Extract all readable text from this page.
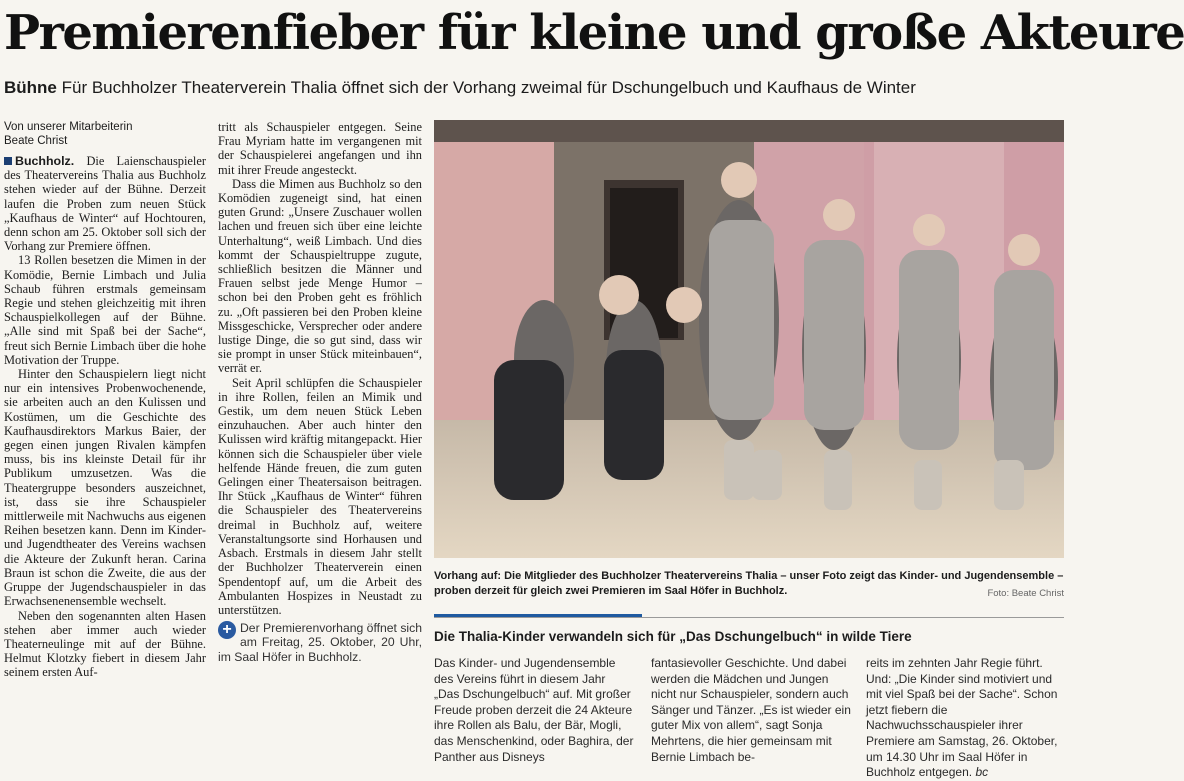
Premierenfieber für kleine und große Akteure
Bühne Für Buchholzer Theaterverein Thalia öffnet sich der Vorhang zweimal für Dschungelbuch und Kaufhaus de Winter
Von unserer Mitarbeiterin
Beate Christ

Buchholz. Die Laienschauspieler des Theatervereins Thalia aus Buchholz stehen wieder auf der Bühne. Derzeit laufen die Proben zum neuen Stück „Kaufhaus de Winter“ auf Hochtouren, denn schon am 25. Oktober soll sich der Vorhang zur Premiere öffnen.

13 Rollen besetzen die Mimen in der Komödie, Bernie Limbach und Julia Schaub führen erstmals gemeinsam Regie und stehen gleichzeitig mit ihren Schauspielkollegen auf der Bühne. „Alle sind mit Spaß bei der Sache“, freut sich Bernie Limbach über die hohe Motivation der Truppe.

Hinter den Schauspielern liegt nicht nur ein intensives Probenwochenende, sie arbeiten auch an den Kulissen und Kostümen, um die Geschichte des Kaufhausdirektors Markus Baier, der gegen einen jungen Rivalen kämpfen muss, bis ins kleinste Detail für ihr Publikum umzusetzen. Was die Theatergruppe besonders auszeichnet, ist, dass sie ihre Schauspieler mittlerweile mit Nachwuchs aus eigenen Reihen besetzen kann. Denn im Kinder- und Jugendtheater des Vereins wachsen die Akteure der Zukunft heran. Carina Braun ist schon die Zweite, die aus der Gruppe der Jugendschauspieler in das Erwachsenenensemble wechselt.

Neben den sogenannten alten Hasen stehen aber immer auch wieder Theaterneulinge mit auf der Bühne. Helmut Klotzky fiebert in diesem Jahr seinem ersten Auf-

tritt als Schauspieler entgegen. Seine Frau Myriam hatte im vergangenen mit der Schauspielerei angefangen und ihn mit ihrer Freude angesteckt.

Dass die Mimen aus Buchholz so den Komödien zugeneigt sind, hat einen guten Grund: „Unsere Zuschauer wollen lachen und freuen sich über eine leichte Unterhaltung“, weiß Limbach. Und dies kommt der Schauspieltruppe zugute, schließlich besitzen die Männer und Frauen selbst jede Menge Humor – schon bei den Proben geht es fröhlich zu. „Oft passieren bei den Proben kleine Missgeschicke, Versprecher oder andere lustige Dinge, die so gut sind, dass wir sie prompt in unser Stück miteinbauen“, verrät er.

Seit April schlüpfen die Schauspieler in ihre Rollen, feilen an Mimik und Gestik, um dem neuen Stück Leben einzuhauchen. Aber auch hinter den Kulissen wird kräftig mitangepackt. Hier können sich die Schauspieler über viele helfende Hände freuen, die zum guten Gelingen einer Theatersaison beitragen. Ihr Stück „Kaufhaus de Winter“ führen die Schauspieler des Theatervereins dreimal in Buchholz auf, weitere Veranstaltungsorte sind Horhausen und Asbach. Erstmals in diesem Jahr stellt der Buchholzer Theaterverein einen Spendentopf auf, um die Arbeit des Ambulanten Hospizes in Neustadt zu unterstützen.

+ Der Premierenvorhang öffnet sich am Freitag, 25. Oktober, 20 Uhr, im Saal Höfer in Buchholz.
Vorhang auf: Die Mitglieder des Buchholzer Theatervereins Thalia – unser Foto zeigt das Kinder- und Jugendensemble – proben derzeit für gleich zwei Premieren im Saal Höfer in Buchholz.	Foto: Beate Christ
Die Thalia-Kinder verwandeln sich für „Das Dschungelbuch“ in wilde Tiere

Das Kinder- und Jugendensemble des Vereins führt in diesem Jahr „Das Dschungelbuch“ auf. Mit großer Freude proben derzeit die 24 Akteure ihre Rollen als Balu, der Bär, Mogli, das Menschenkind, oder Baghira, der Panther aus Disneys

fantasievoller Geschichte. Und dabei werden die Mädchen und Jungen nicht nur Schauspieler, sondern auch Sänger und Tänzer. „Es ist wieder ein guter Mix von allem“, sagt Sonja Mehrtens, die hier gemeinsam mit Bernie Limbach be-

reits im zehnten Jahr Regie führt. Und: „Die Kinder sind motiviert und mit viel Spaß bei der Sache“. Schon jetzt fiebern die Nachwuchsschauspieler ihrer Premiere am Samstag, 26. Oktober, um 14.30 Uhr im Saal Höfer in Buchholz entgegen. bc
